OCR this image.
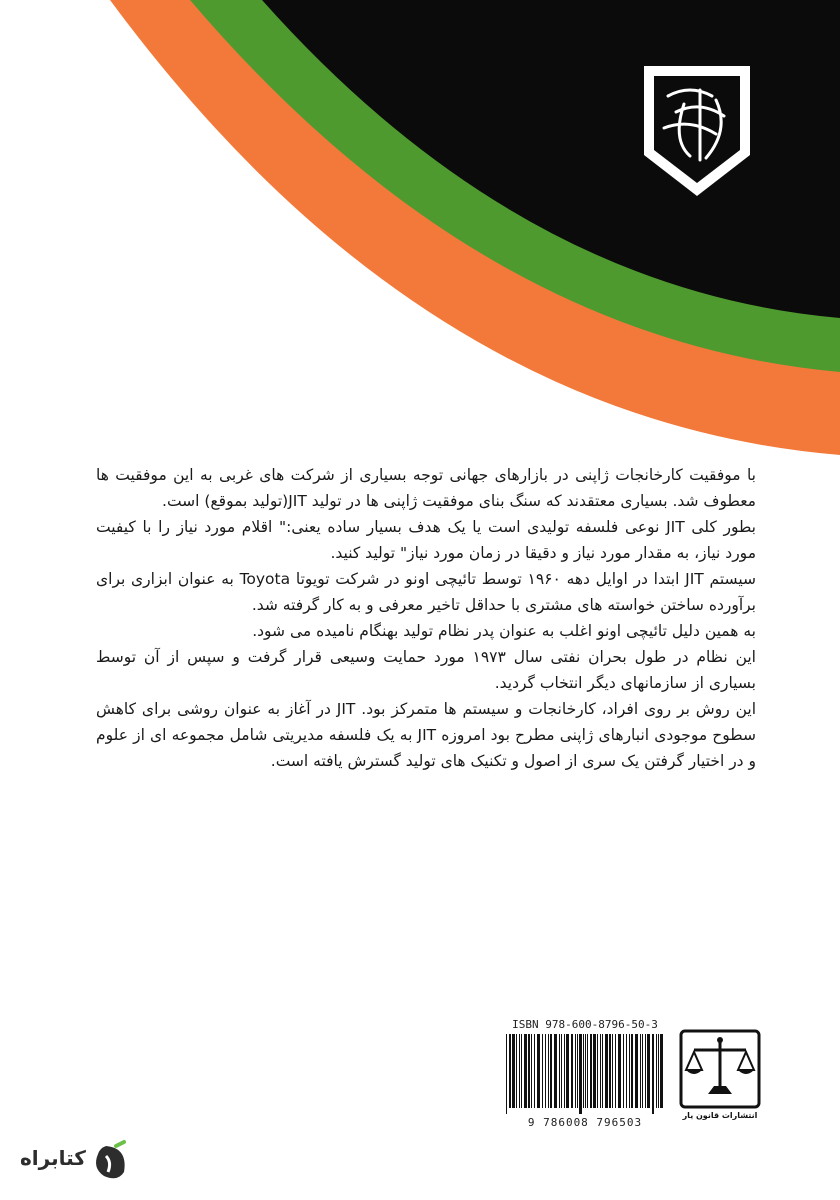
با موفقیت کارخانجات ژاپنی در بازارهای جهانی توجه بسیاری از شرکت های غربی به این موفقیت ها معطوف شد. بسیاری معتقدند که سنگ بنای موفقیت ژاپنی ها در تولید JIT(تولید بموقع) است.

بطور کلی JIT نوعی فلسفه تولیدی است یا یک هدف بسیار ساده یعنی:" اقلام مورد نیاز را با کیفیت مورد نیاز، به مقدار مورد نیاز و دقیقا در زمان مورد نیاز" تولید کنید.

سیستم JIT ابتدا در اوایل دهه ۱۹۶۰ توسط تائیچی اونو در شرکت تویوتا Toyota به عنوان ابزاری برای برآورده ساختن خواسته های مشتری با حداقل تاخیر معرفی و به کار گرفته شد.

به همین دلیل تائیچی اونو اغلب به عنوان پدر نظام تولید بهنگام نامیده می شود.

این نظام در طول بحران نفتی سال ۱۹۷۳ مورد حمایت وسیعی قرار گرفت و سپس از آن توسط بسیاری از سازمانهای دیگر انتخاب گردید.

این روش بر روی افراد، کارخانجات و سیستم ها متمرکز بود. JIT در آغاز به عنوان روشی برای کاهش سطوح موجودی انبارهای ژاپنی مطرح بود امروزه JIT به یک فلسفه مدیریتی شامل مجموعه ای از علوم و در اختیار گرفتن یک سری از اصول و تکنیک های تولید گسترش یافته است.

ISBN 978-600-8796-50-3
9 786008 796503
انتشارات قانون یار
کتابراه
